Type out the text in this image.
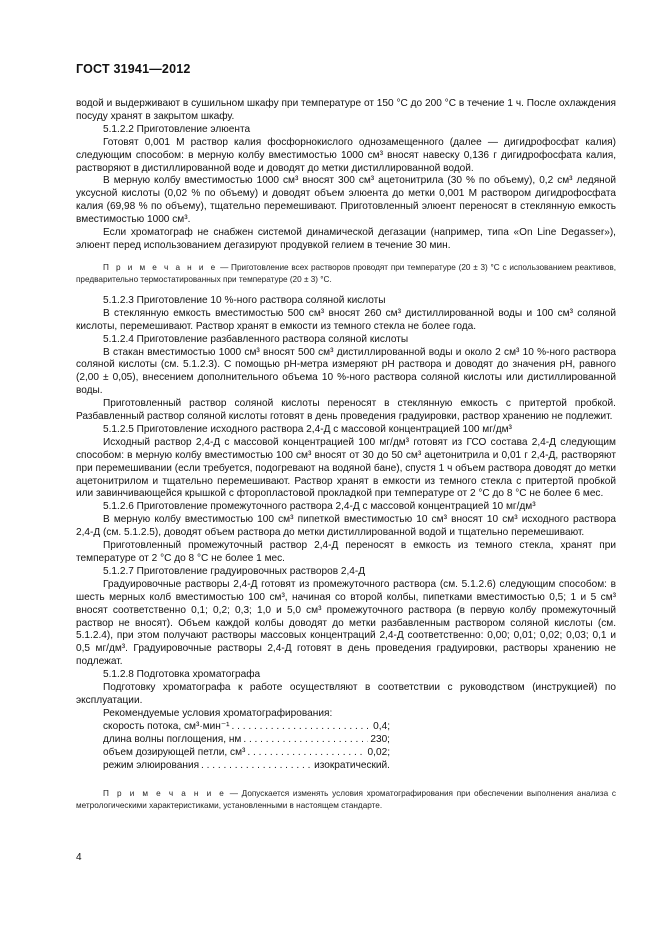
ГОСТ 31941—2012

водой и выдерживают в сушильном шкафу при температуре от 150 °С до 200 °С в течение 1 ч. После охлаждения посуду хранят в закрытом шкафу.

5.1.2.2 Приготовление элюента

Готовят 0,001 М раствор калия фосфорнокислого однозамещенного (далее — дигидрофосфат калия) следующим способом: в мерную колбу вместимостью 1000 см³ вносят навеску 0,136 г дигидрофосфата калия, растворяют в дистиллированной воде и доводят до метки дистиллированной водой.

В мерную колбу вместимостью 1000 см³ вносят 300 см³ ацетонитрила (30 % по объему), 0,2 см³ ледяной уксусной кислоты (0,02 % по объему) и доводят объем элюента до метки 0,001 М раствором дигидрофосфата калия (69,98 % по объему), тщательно перемешивают. Приготовленный элюент переносят в стеклянную емкость вместимостью 1000 см³.

Если хроматограф не снабжен системой динамической дегазации (например, типа «On Line Degasser»), элюент перед использованием дегазируют продувкой гелием в течение 30 мин.

П р и м е ч а н и е — Приготовление всех растворов проводят при температуре (20 ± 3) °С с использованием реактивов, предварительно термостатированных при температуре (20 ± 3) °С.

5.1.2.3 Приготовление 10 %-ного раствора соляной кислоты

В стеклянную емкость вместимостью 500 см³ вносят 260 см³ дистиллированной воды и 100 см³ соляной кислоты, перемешивают. Раствор хранят в емкости из темного стекла не более года.

5.1.2.4 Приготовление разбавленного раствора соляной кислоты

В стакан вместимостью 1000 см³ вносят 500 см³ дистиллированной воды и около 2 см³ 10 %-ного раствора соляной кислоты (см. 5.1.2.3). С помощью рН-метра измеряют рН раствора и доводят до значения рН, равного (2,00 ± 0,05), внесением дополнительного объема 10 %-ного раствора соляной кислоты или дистиллированной воды.

Приготовленный раствор соляной кислоты переносят в стеклянную емкость с притертой пробкой. Разбавленный раствор соляной кислоты готовят в день проведения градуировки, раствор хранению не подлежит.

5.1.2.5 Приготовление исходного раствора 2,4-Д с массовой концентрацией 100 мг/дм³

Исходный раствор 2,4-Д с массовой концентрацией 100 мг/дм³ готовят из ГСО состава 2,4-Д следующим способом: в мерную колбу вместимостью 100 см³ вносят от 30 до 50 см³ ацетонитрила и 0,01 г 2,4-Д, растворяют при перемешивании (если требуется, подогревают на водяной бане), спустя 1 ч объем раствора доводят до метки ацетонитрилом и тщательно перемешивают. Раствор хранят в емкости из темного стекла с притертой пробкой или завинчивающейся крышкой с фторопластовой прокладкой при температуре от 2 °С до 8 °С не более 6 мес.

5.1.2.6 Приготовление промежуточного раствора 2,4-Д с массовой концентрацией 10 мг/дм³

В мерную колбу вместимостью 100 см³ пипеткой вместимостью 10 см³ вносят 10 см³ исходного раствора 2,4-Д (см. 5.1.2.5), доводят объем раствора до метки дистиллированной водой и тщательно перемешивают.

Приготовленный промежуточный раствор 2,4-Д переносят в емкость из темного стекла, хранят при температуре от 2 °С до 8 °С не более 1 мес.

5.1.2.7 Приготовление градуировочных растворов 2,4-Д

Градуировочные растворы 2,4-Д готовят из промежуточного раствора (см. 5.1.2.6) следующим способом: в шесть мерных колб вместимостью 100 см³, начиная со второй колбы, пипетками вместимостью 0,5; 1 и 5 см³ вносят соответственно 0,1; 0,2; 0,3; 1,0 и 5,0 см³ промежуточного раствора (в первую колбу промежуточный раствор не вносят). Объем каждой колбы доводят до метки разбавленным раствором соляной кислоты (см. 5.1.2.4), при этом получают растворы массовых концентраций 2,4-Д соответственно: 0,00; 0,01; 0,02; 0,03; 0,1 и 0,5 мг/дм³. Градуировочные растворы 2,4-Д готовят в день проведения градуировки, растворы хранению не подлежат.

5.1.2.8 Подготовка хроматографа

Подготовку хроматографа к работе осуществляют в соответствии с руководством (инструкцией) по эксплуатации.

Рекомендуемые условия хроматографирования:

скорость потока, см³·мин⁻¹ . . .	0,4;
длина волны поглощения, нм . . .	230;
объем дозирующей петли, см³ . . .	0,02;
режим элюирования . . .	изократический.
П р и м е ч а н и е — Допускается изменять условия хроматографирования при обеспечении выполнения анализа с метрологическими характеристиками, установленными в настоящем стандарте.
4
